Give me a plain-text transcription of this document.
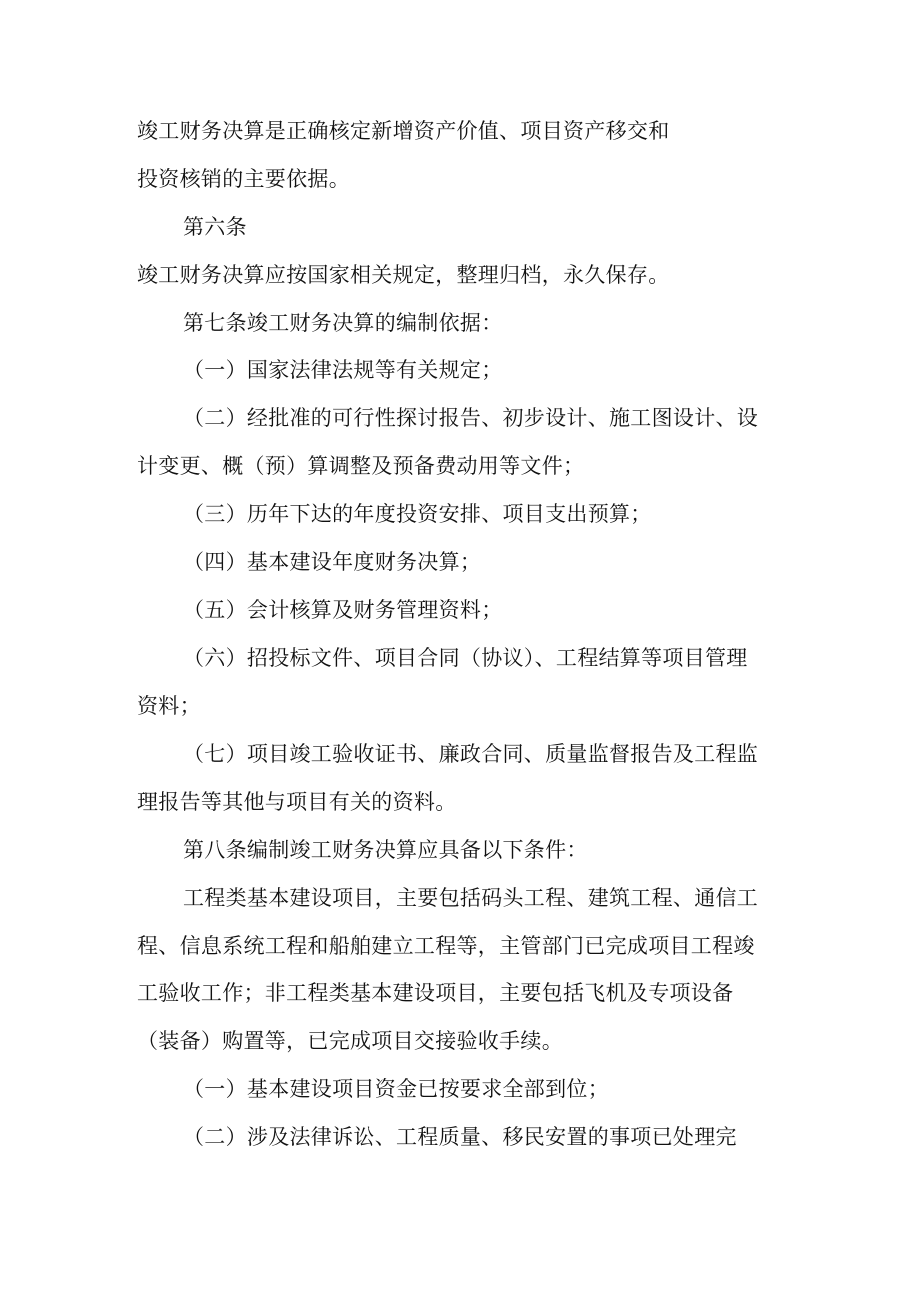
竣工财务决算是正确核定新增资产价值、项目资产移交和
投资核销的主要依据。
第六条
竣工财务决算应按国家相关规定，整理归档，永久保存。
第七条竣工财务决算的编制依据：
（一）国家法律法规等有关规定；
（二）经批准的可行性探讨报告、初步设计、施工图设计、设
计变更、概（预）算调整及预备费动用等文件；
（三）历年下达的年度投资安排、项目支出预算；
（四）基本建设年度财务决算；
（五）会计核算及财务管理资料；
（六）招投标文件、项目合同（协议）、工程结算等项目管理
资料；
（七）项目竣工验收证书、廉政合同、质量监督报告及工程监
理报告等其他与项目有关的资料。
第八条编制竣工财务决算应具备以下条件：
工程类基本建设项目，主要包括码头工程、建筑工程、通信工
程、信息系统工程和船舶建立工程等，主管部门已完成项目工程竣
工验收工作；非工程类基本建设项目，主要包括飞机及专项设备
（装备）购置等，已完成项目交接验收手续。
（一）基本建设项目资金已按要求全部到位；
（二）涉及法律诉讼、工程质量、移民安置的事项已处理完
